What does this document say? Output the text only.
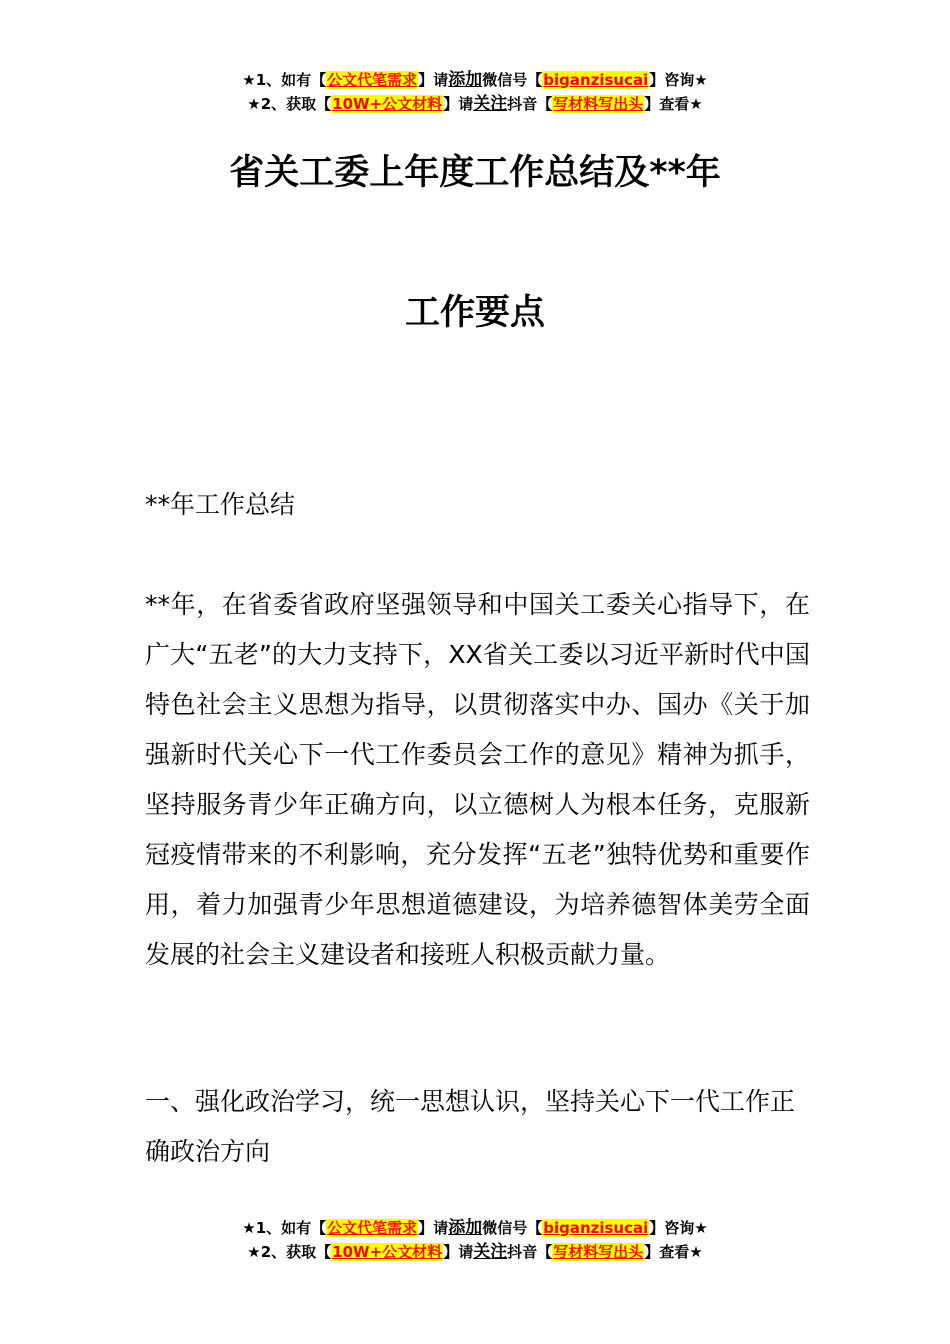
★1、如有【公文代笔需求】请添加微信号【biganzisucai】咨询★
★2、获取【10W+公文材料】请关注抖音【写材料写出头】查看★
省关工委上年度工作总结及**年
工作要点

**年工作总结

**年，在省委省政府坚强领导和中国关工委关心指导下，在广大“五老”的大力支持下，XX省关工委以习近平新时代中国特色社会主义思想为指导，以贯彻落实中办、国办《关于加强新时代关心下一代工作委员会工作的意见》精神为抓手，坚持服务青少年正确方向，以立德树人为根本任务，克服新冠疫情带来的不利影响，充分发挥“五老”独特优势和重要作用，着力加强青少年思想道德建设，为培养德智体美劳全面发展的社会主义建设者和接班人积极贡献力量。

一、强化政治学习，统一思想认识，坚持关心下一代工作正确政治方向

★1、如有【公文代笔需求】请添加微信号【biganzisucai】咨询★
★2、获取【10W+公文材料】请关注抖音【写材料写出头】查看★
